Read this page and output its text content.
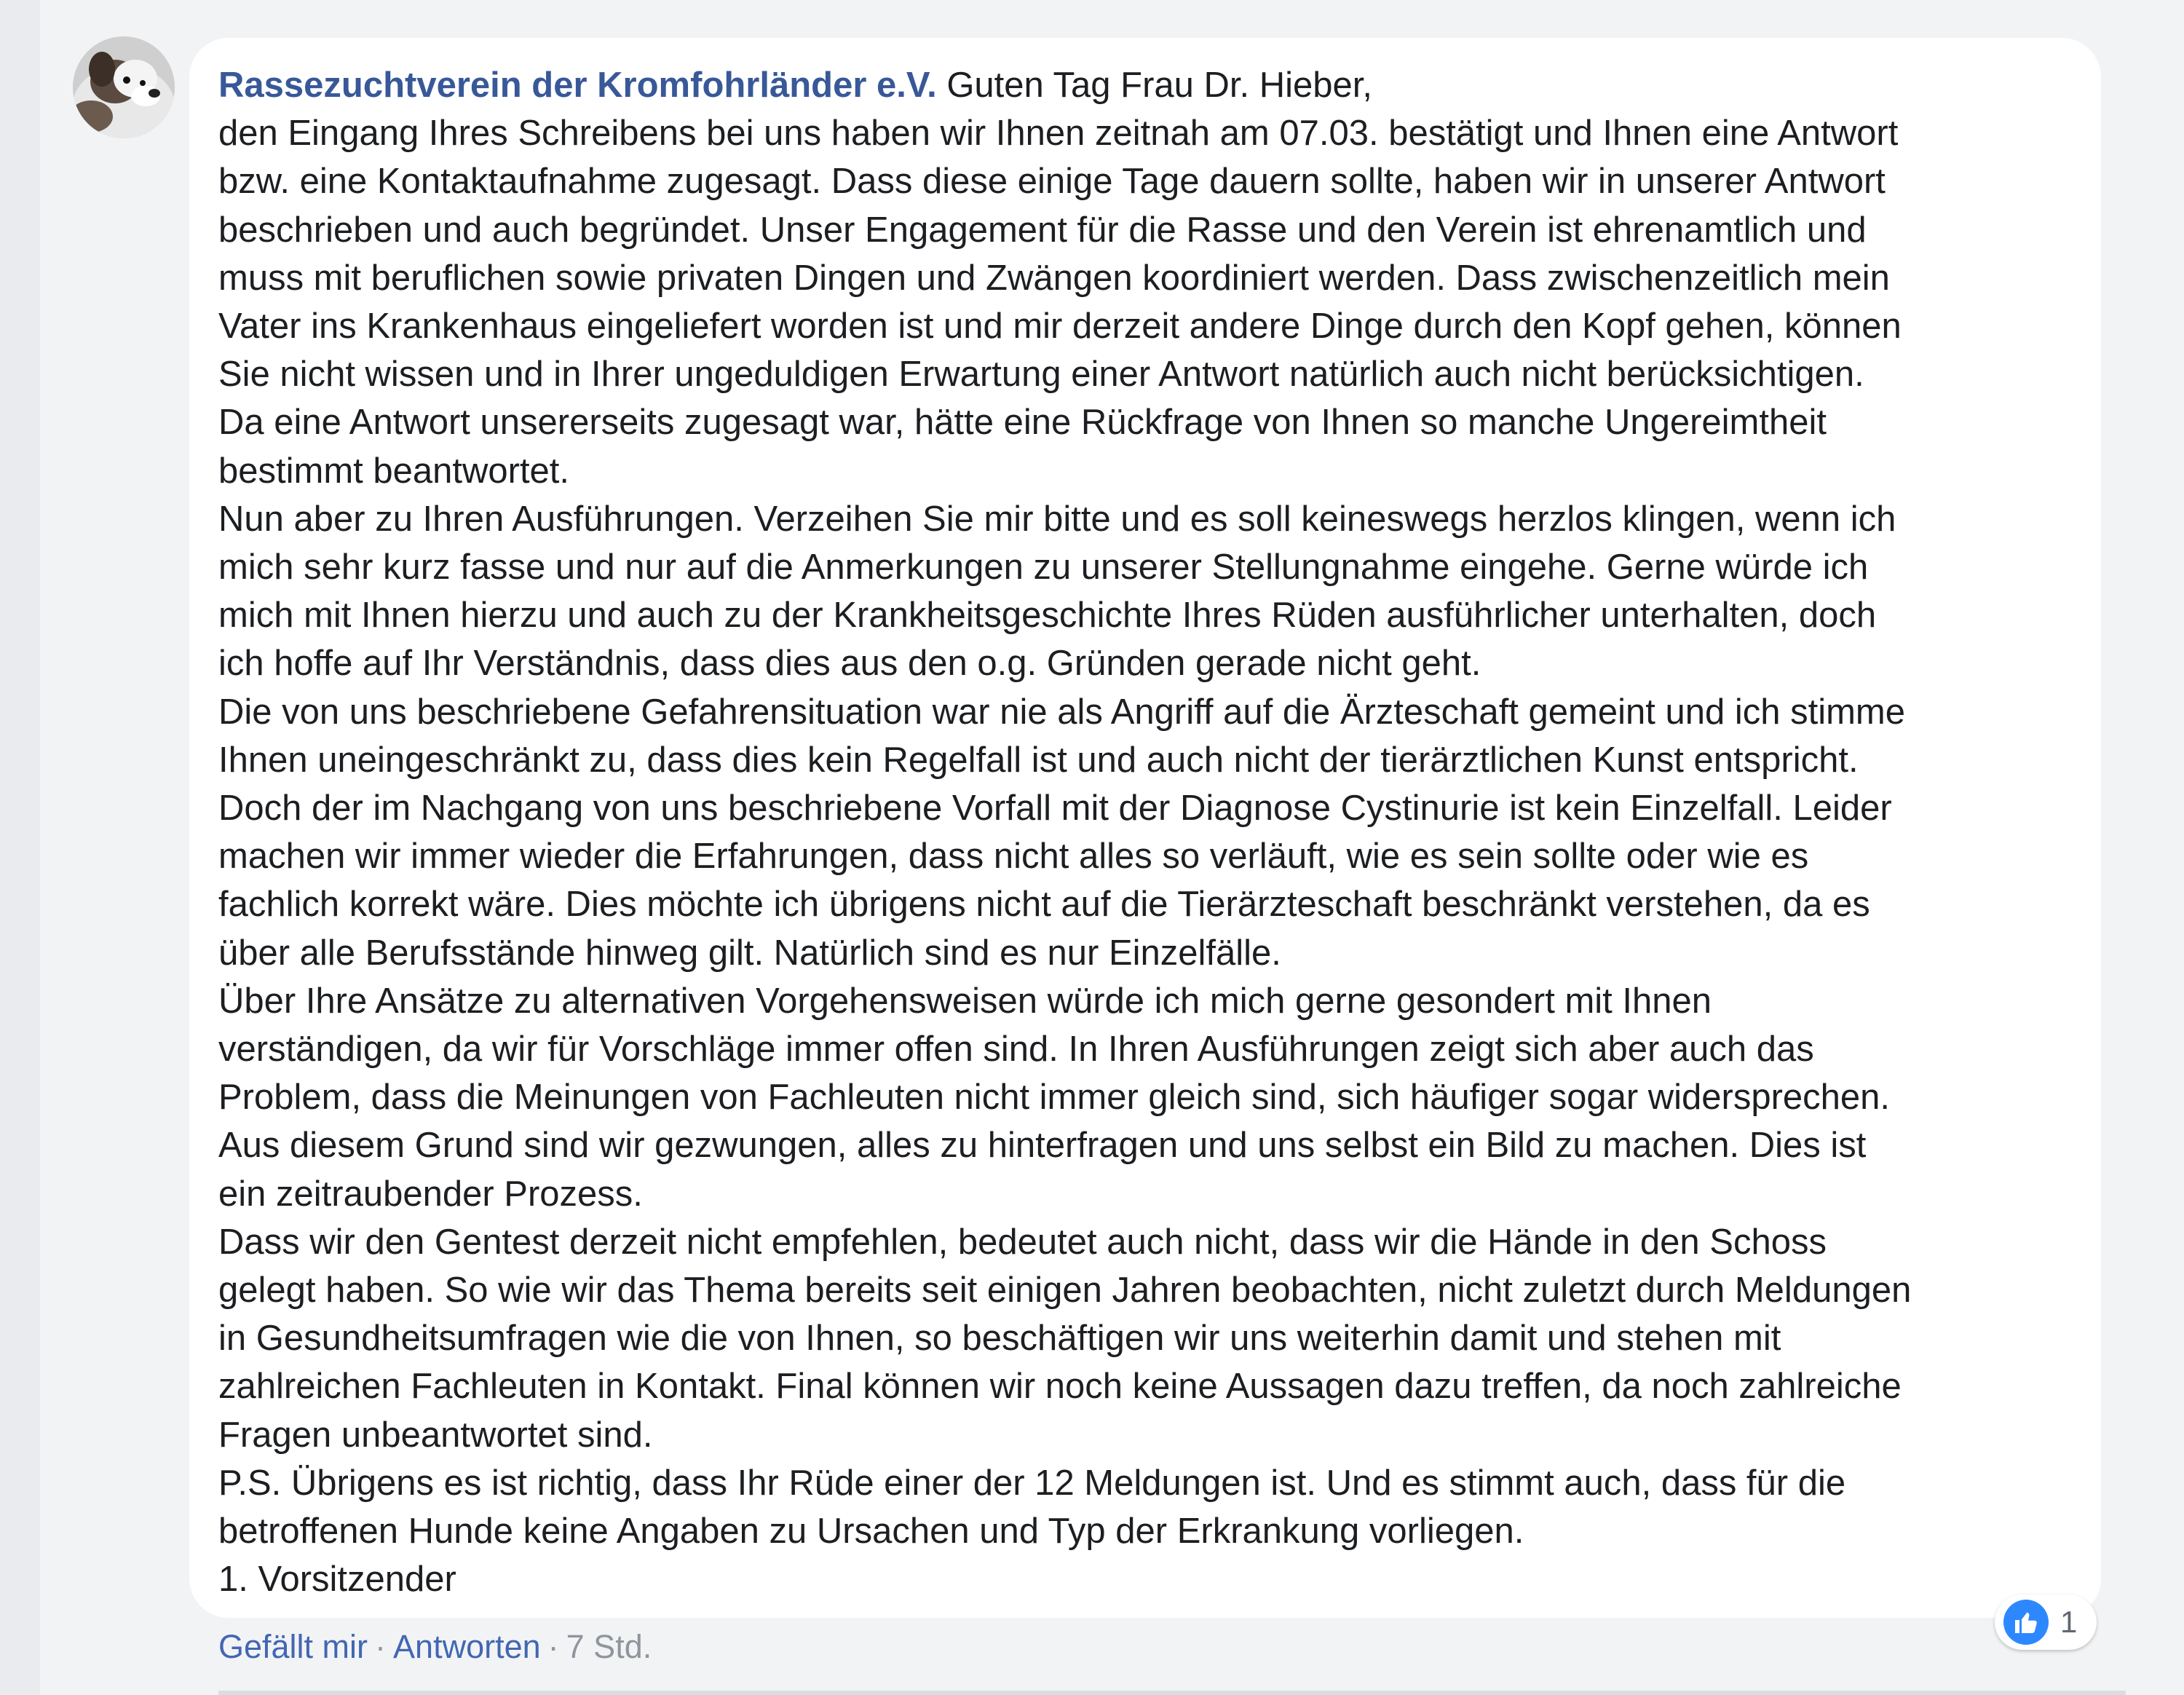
Rassezuchtverein der Kromfohrländer e.V. Guten Tag Frau Dr. Hieber,
den Eingang Ihres Schreibens bei uns haben wir Ihnen zeitnah am 07.03. bestätigt und Ihnen eine Antwort
bzw. eine Kontaktaufnahme zugesagt. Dass diese einige Tage dauern sollte, haben wir in unserer Antwort
beschrieben und auch begründet. Unser Engagement für die Rasse und den Verein ist ehrenamtlich und
muss mit beruflichen sowie privaten Dingen und Zwängen koordiniert werden. Dass zwischenzeitlich mein
Vater ins Krankenhaus eingeliefert worden ist und mir derzeit andere Dinge durch den Kopf gehen, können
Sie nicht wissen und in Ihrer ungeduldigen Erwartung einer Antwort natürlich auch nicht berücksichtigen.
Da eine Antwort unsererseits zugesagt war, hätte eine Rückfrage von Ihnen so manche Ungereimtheit
bestimmt beantwortet.
Nun aber zu Ihren Ausführungen. Verzeihen Sie mir bitte und es soll keineswegs herzlos klingen, wenn ich
mich sehr kurz fasse und nur auf die Anmerkungen zu unserer Stellungnahme eingehe. Gerne würde ich
mich mit Ihnen hierzu und auch zu der Krankheitsgeschichte Ihres Rüden ausführlicher unterhalten, doch
ich hoffe auf Ihr Verständnis, dass dies aus den o.g. Gründen gerade nicht geht.
Die von uns beschriebene Gefahrensituation war nie als Angriff auf die Ärzteschaft gemeint und ich stimme
Ihnen uneingeschränkt zu, dass dies kein Regelfall ist und auch nicht der tierärztlichen Kunst entspricht.
Doch der im Nachgang von uns beschriebene Vorfall mit der Diagnose Cystinurie ist kein Einzelfall. Leider
machen wir immer wieder die Erfahrungen, dass nicht alles so verläuft, wie es sein sollte oder wie es
fachlich korrekt wäre. Dies möchte ich übrigens nicht auf die Tierärzteschaft beschränkt verstehen, da es
über alle Berufsstände hinweg gilt. Natürlich sind es nur Einzelfälle.
Über Ihre Ansätze zu alternativen Vorgehensweisen würde ich mich gerne gesondert mit Ihnen
verständigen, da wir für Vorschläge immer offen sind. In Ihren Ausführungen zeigt sich aber auch das
Problem, dass die Meinungen von Fachleuten nicht immer gleich sind, sich häufiger sogar widersprechen.
Aus diesem Grund sind wir gezwungen, alles zu hinterfragen und uns selbst ein Bild zu machen. Dies ist
ein zeitraubender Prozess.
Dass wir den Gentest derzeit nicht empfehlen, bedeutet auch nicht, dass wir die Hände in den Schoss
gelegt haben. So wie wir das Thema bereits seit einigen Jahren beobachten, nicht zuletzt durch Meldungen
in Gesundheitsumfragen wie die von Ihnen, so beschäftigen wir uns weiterhin damit und stehen mit
zahlreichen Fachleuten in Kontakt. Final können wir noch keine Aussagen dazu treffen, da noch zahlreiche
Fragen unbeantwortet sind.
P.S. Übrigens es ist richtig, dass Ihr Rüde einer der 12 Meldungen ist. Und es stimmt auch, dass für die
betroffenen Hunde keine Angaben zu Ursachen und Typ der Erkrankung vorliegen.
1. Vorsitzender

Gefällt mir · Antworten · 7 Std.
1
